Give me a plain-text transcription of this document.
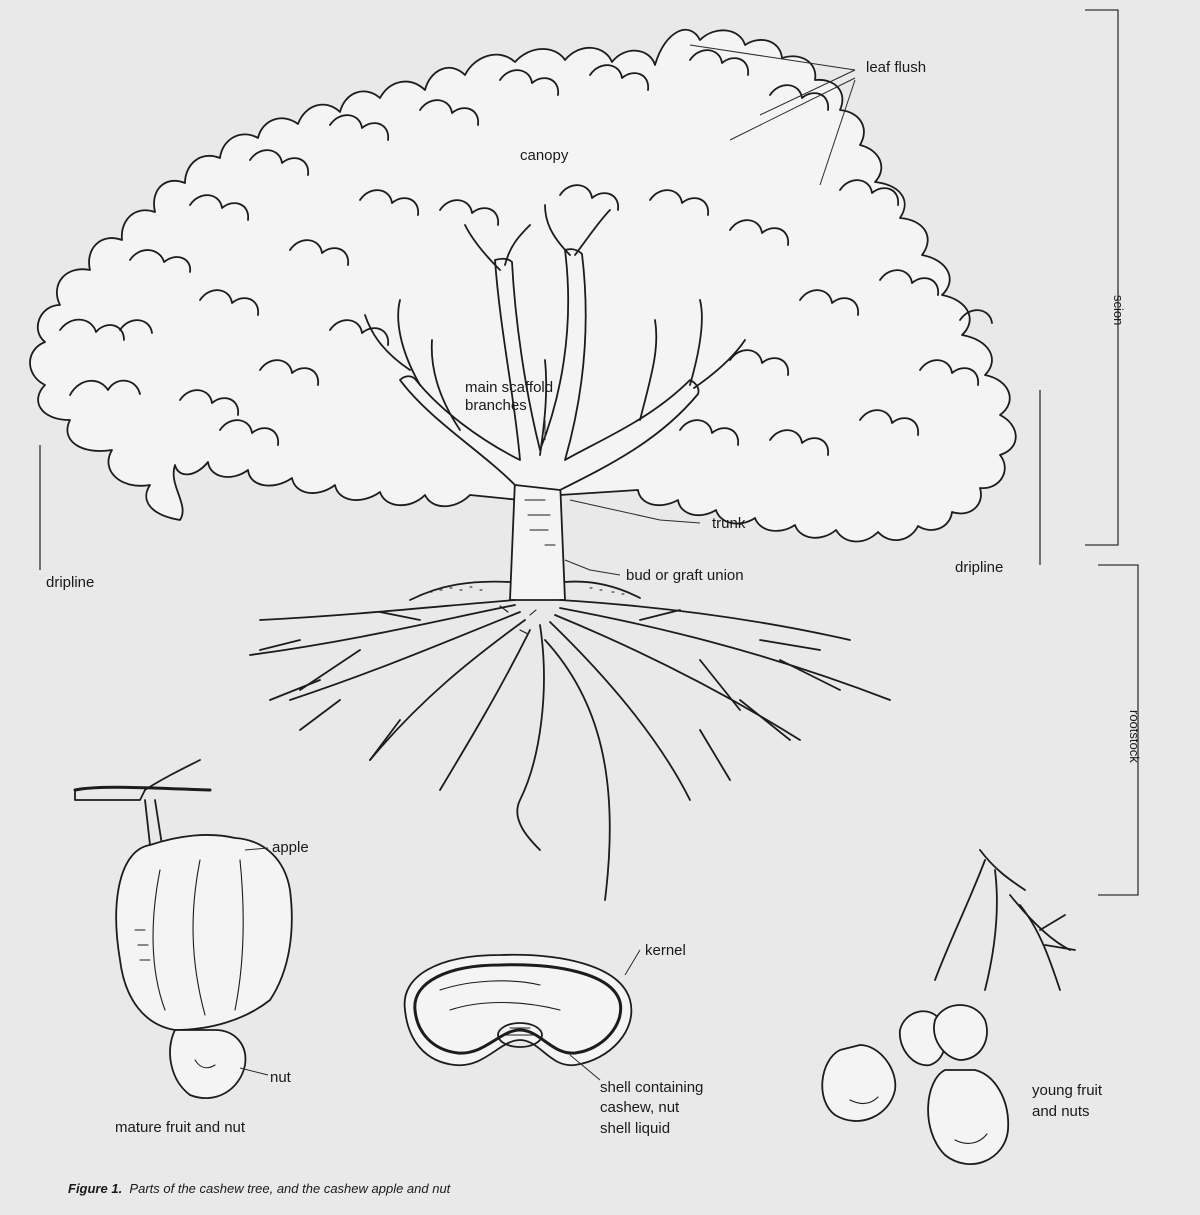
leaf flush
canopy
main scaffold
branches
trunk
bud or graft union
dripline
dripline
scion
rootstock
apple
nut
mature fruit and nut
kernel
shell containing
cashew, nut
shell liquid
young fruit
and nuts
Figure 1. Parts of the cashew tree, and the cashew apple and nut
